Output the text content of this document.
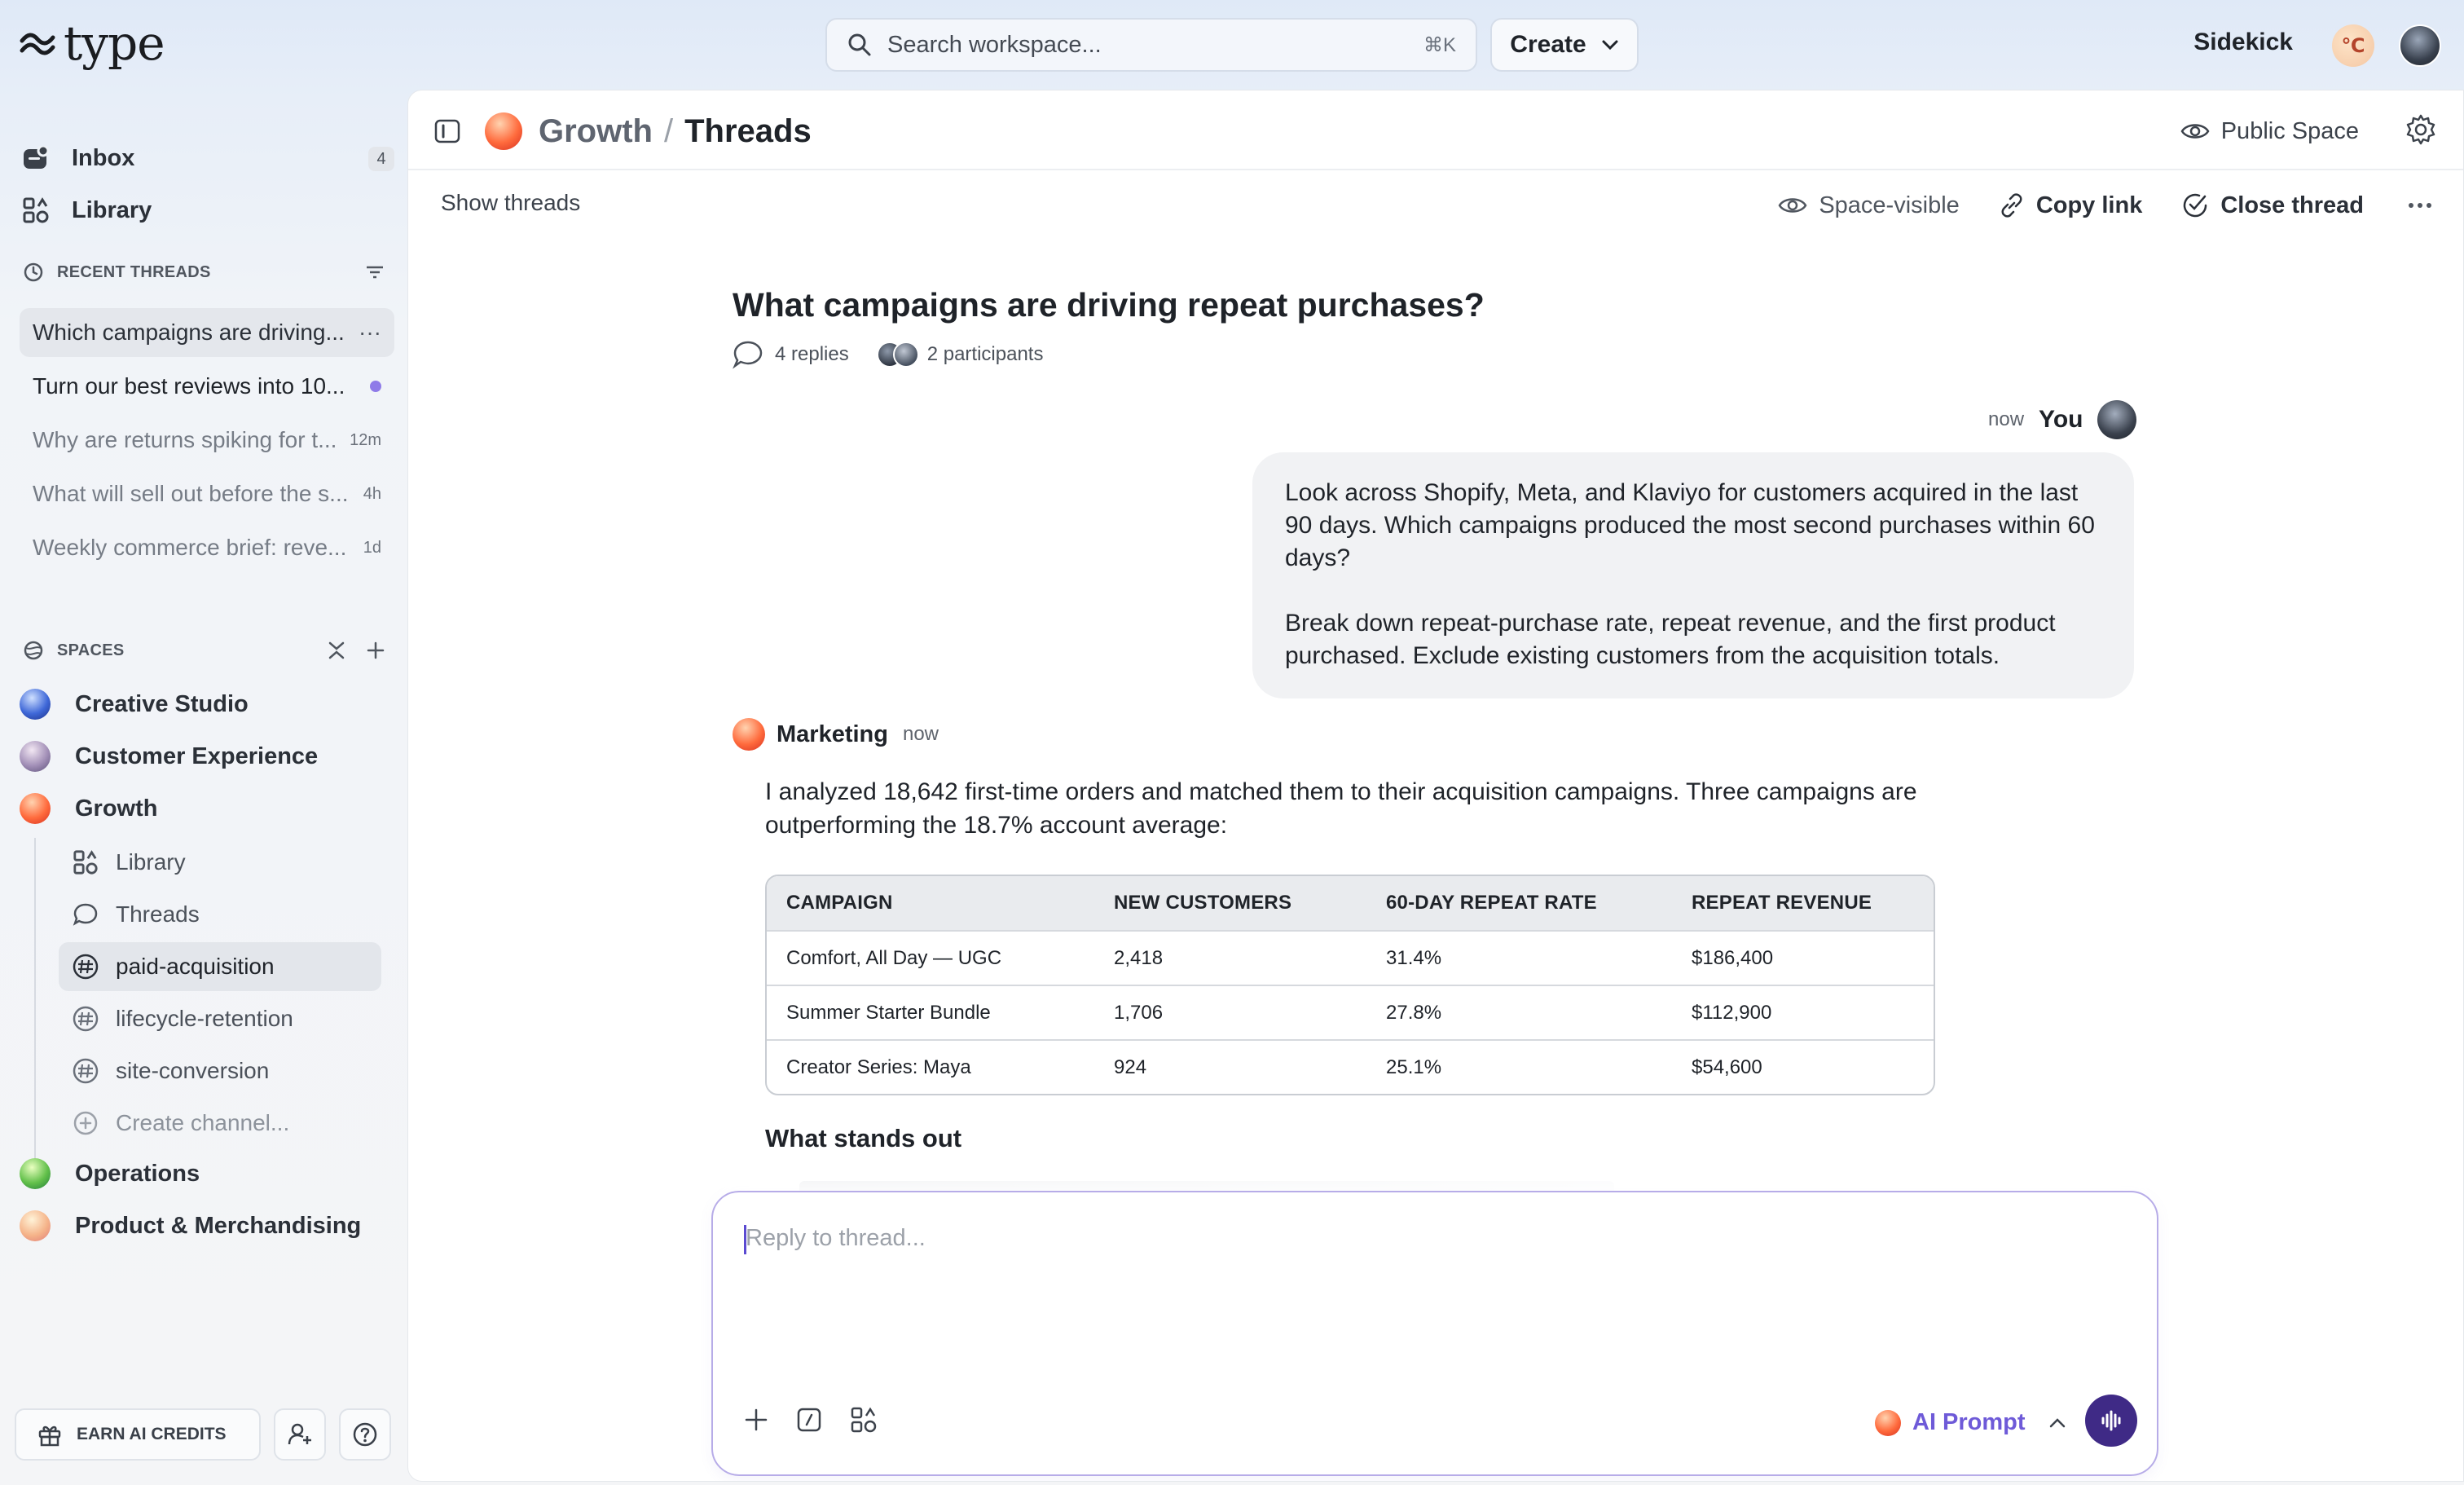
type	Search workspace...	⌘K Create	Sidekick	℃
Inbox	4
Library
RECENT THREADS
Which campaigns are driving... ···
Turn our best reviews into 10...
Why are returns spiking for t... 12m
What will sell out before the s... 4h
Weekly commerce brief: reve...	1d
SPACES
Creative Studio
Customer Experience
Growth
Library
Threads
paid-acquisition
lifecycle-retention
site-conversion
Create channel...
Operations
Product & Merchandising
EARN AI CREDITS
Growth / Threads	Public Space
Show threads	Space-visible	Copy link	Close thread
What campaigns are driving repeat purchases?
4 replies	2 participants
now You

Look across Shopify, Meta, and Klaviyo for customers acquired in the last 90 days. Which campaigns produced the most second purchases within 60 days?

Break down repeat-purchase rate, repeat revenue, and the first product purchased. Exclude existing customers from the acquisition totals.

Marketing now
I analyzed 18,642 first-time orders and matched them to their acquisition campaigns. Three campaigns are outperforming the 18.7% account average:
CAMPAIGN	NEW CUSTOMERS	60-DAY REPEAT RATE	REPEAT REVENUE
Comfort, All Day — UGC	2,418	31.4%	$186,400
Summer Starter Bundle	1,706	27.8%	$112,900
Creator Series: Maya	924	25.1%	$54,600
What stands out
Reply to thread...
AI Prompt
